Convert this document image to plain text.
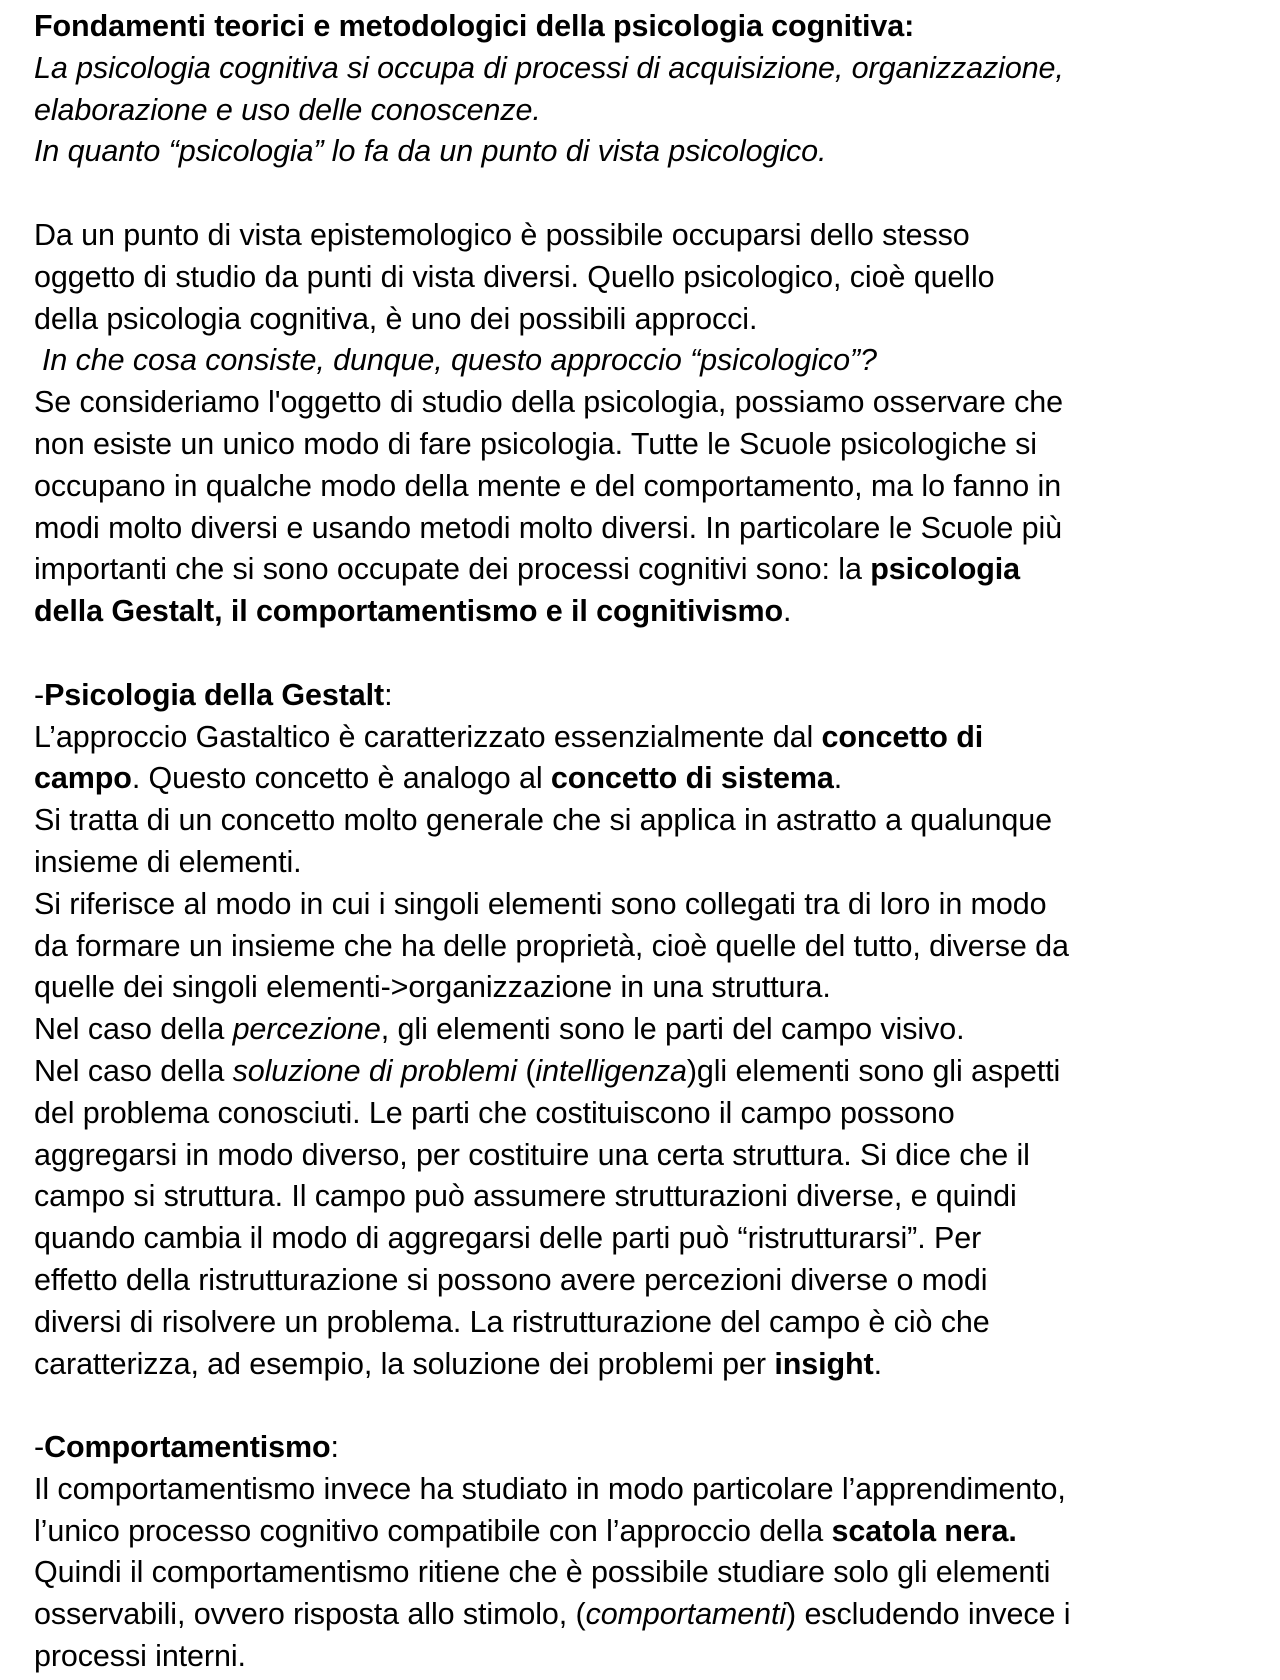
Fondamenti teorici e metodologici della psicologia cognitiva:
La psicologia cognitiva si occupa di processi di acquisizione, organizzazione,
elaborazione e uso delle conoscenze.
In quanto “psicologia” lo fa da un punto di vista psicologico.
Da un punto di vista epistemologico è possibile occuparsi dello stesso
oggetto di studio da punti di vista diversi. Quello psicologico, cioè quello
della psicologia cognitiva, è uno dei possibili approcci.
In che cosa consiste, dunque, questo approccio “psicologico”?
Se consideriamo l'oggetto di studio della psicologia, possiamo osservare che
non esiste un unico modo di fare psicologia. Tutte le Scuole psicologiche si
occupano in qualche modo della mente e del comportamento, ma lo fanno in
modi molto diversi e usando metodi molto diversi. In particolare le Scuole più
importanti che si sono occupate dei processi cognitivi sono: la psicologia
della Gestalt, il comportamentismo e il cognitivismo.
-Psicologia della Gestalt:
L’approccio Gastaltico è caratterizzato essenzialmente dal concetto di
campo. Questo concetto è analogo al concetto di sistema.
Si tratta di un concetto molto generale che si applica in astratto a qualunque
insieme di elementi.
Si riferisce al modo in cui i singoli elementi sono collegati tra di loro in modo
da formare un insieme che ha delle proprietà, cioè quelle del tutto, diverse da
quelle dei singoli elementi->organizzazione in una struttura.
Nel caso della percezione, gli elementi sono le parti del campo visivo.
Nel caso della soluzione di problemi (intelligenza)gli elementi sono gli aspetti
del problema conosciuti. Le parti che costituiscono il campo possono
aggregarsi in modo diverso, per costituire una certa struttura. Si dice che il
campo si struttura. Il campo può assumere strutturazioni diverse, e quindi
quando cambia il modo di aggregarsi delle parti può “ristrutturarsi”. Per
effetto della ristrutturazione si possono avere percezioni diverse o modi
diversi di risolvere un problema. La ristrutturazione del campo è ciò che
caratterizza, ad esempio, la soluzione dei problemi per insight.
-Comportamentismo:
Il comportamentismo invece ha studiato in modo particolare l’apprendimento,
l’unico processo cognitivo compatibile con l’approccio della scatola nera.
Quindi il comportamentismo ritiene che è possibile studiare solo gli elementi
osservabili, ovvero risposta allo stimolo, (comportamenti) escludendo invece i
processi interni.
